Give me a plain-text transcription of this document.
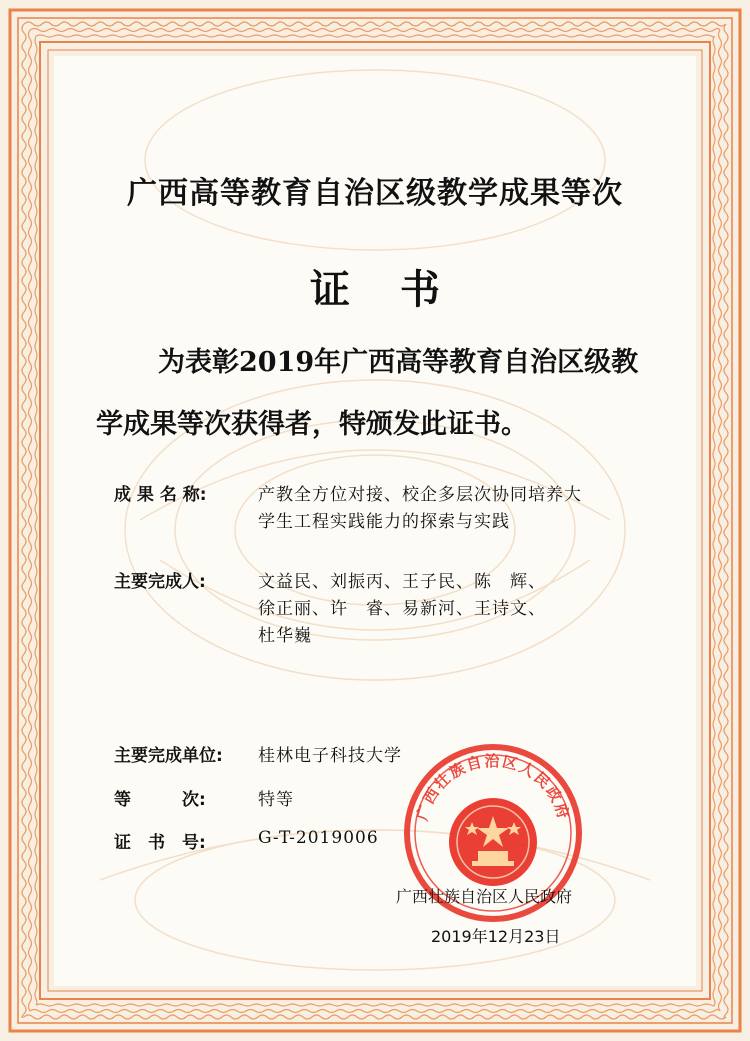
广西高等教育自治区级教学成果等次
证书
为表彰2019年广西高等教育自治区级教
学成果等次获得者，特颁发此证书。
成 果 名 称:	产教全方位对接、校企多层次协同培养大
学生工程实践能力的探索与实践
主要完成人:	文益民、刘振丙、王子民、陈　辉、
徐正丽、许　睿、易新河、王诗文、
杜华巍
主要完成单位: 桂林电子科技大学
等　　　次:	特等
证　书　号:	G-T-2019006
广西壮族自治区人民政府
广西壮族自治区人民政府
2019年12月23日
